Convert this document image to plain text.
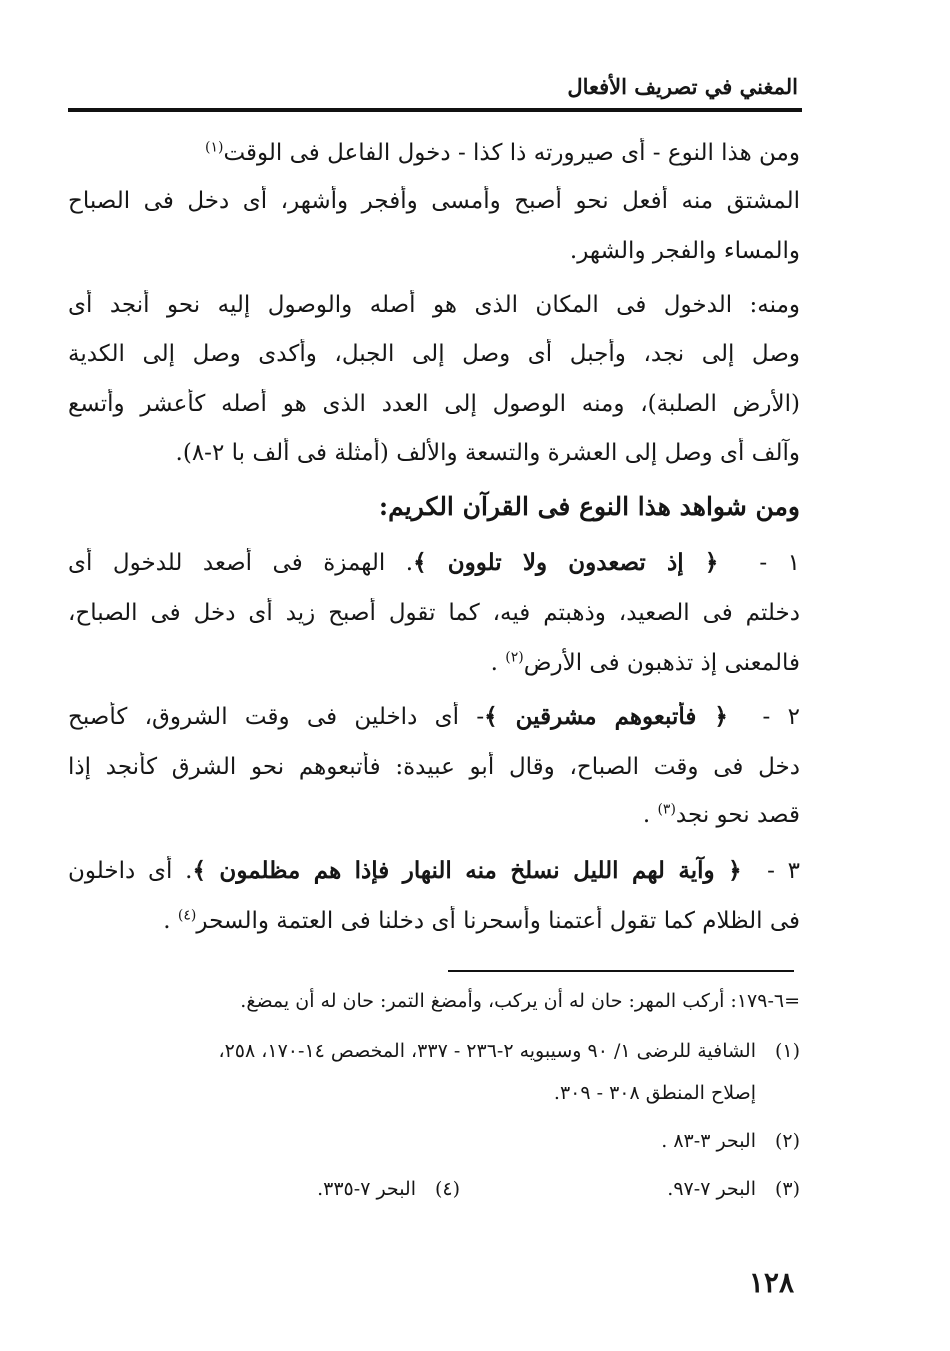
المغني في تصريف الأفعال
ومن هذا النوع - أى صيرورته ذا كذا - دخول الفاعل فى الوقت$^{(١)}$
المشتق منه أفعل نحو أصبح وأمسى وأفجر وأشهر، أى دخل فى الصباح
والمساء والفجر والشهر.
ومنه: الدخول فى المكان الذى هو أصله والوصول إليه نحو أنجد أى
وصل إلى نجد، وأجبل أى وصل إلى الجبل، وأكدى وصل إلى الكدية
(الأرض الصلبة)، ومنه الوصول إلى العدد الذى هو أصله كأعشر وأتسع
وآلف أى وصل إلى العشرة والتسعة والألف (أمثلة فى ألف با ٢-٨).
ومن شواهد هذا النوع فى القرآن الكريم:
١ -  ﴿ إذ تصعدون ولا تلوون ﴾. الهمزة فى أصعد للدخول أى
دخلتم فى الصعيد، وذهبتم فيه، كما تقول أصبح زيد أى دخل فى الصباح،
فالمعنى إذ تذهبون فى الأرض$^{(٢)}$ .
٢ -  ﴿ فأتبعوهم مشرقين ﴾- أى داخلين فى وقت الشروق، كأصبح
دخل فى وقت الصباح، وقال أبو عبيدة: فأتبعوهم نحو الشرق كأنجد إذا
قصد نحو نجد$^{(٣)}$ .
٣ -  ﴿ وآية لهم الليل نسلخ منه النهار فإذا هم مظلمون ﴾. أى داخلون
فى الظلام كما تقول أعتمنا وأسحرنا أى دخلنا فى العتمة والسحر$^{(٤)}$ .
=٦-١٧٩: أركب المهر: حان له أن يركب، وأمضغ التمر: حان له أن يمضغ.
(١)الشافية للرضى ١/ ٩٠ وسيبويه ٢-٢٣٦ - ٣٣٧، المخصص ١٤-١٧٠، ٢٥٨،
إصلاح المنطق ٣٠٨ - ٣٠٩.
(٢)البحر ٣-٨٣ .
(٣)البحر ٧-٩٧.
(٤)البحر ٧-٣٣٥.
١٢٨
